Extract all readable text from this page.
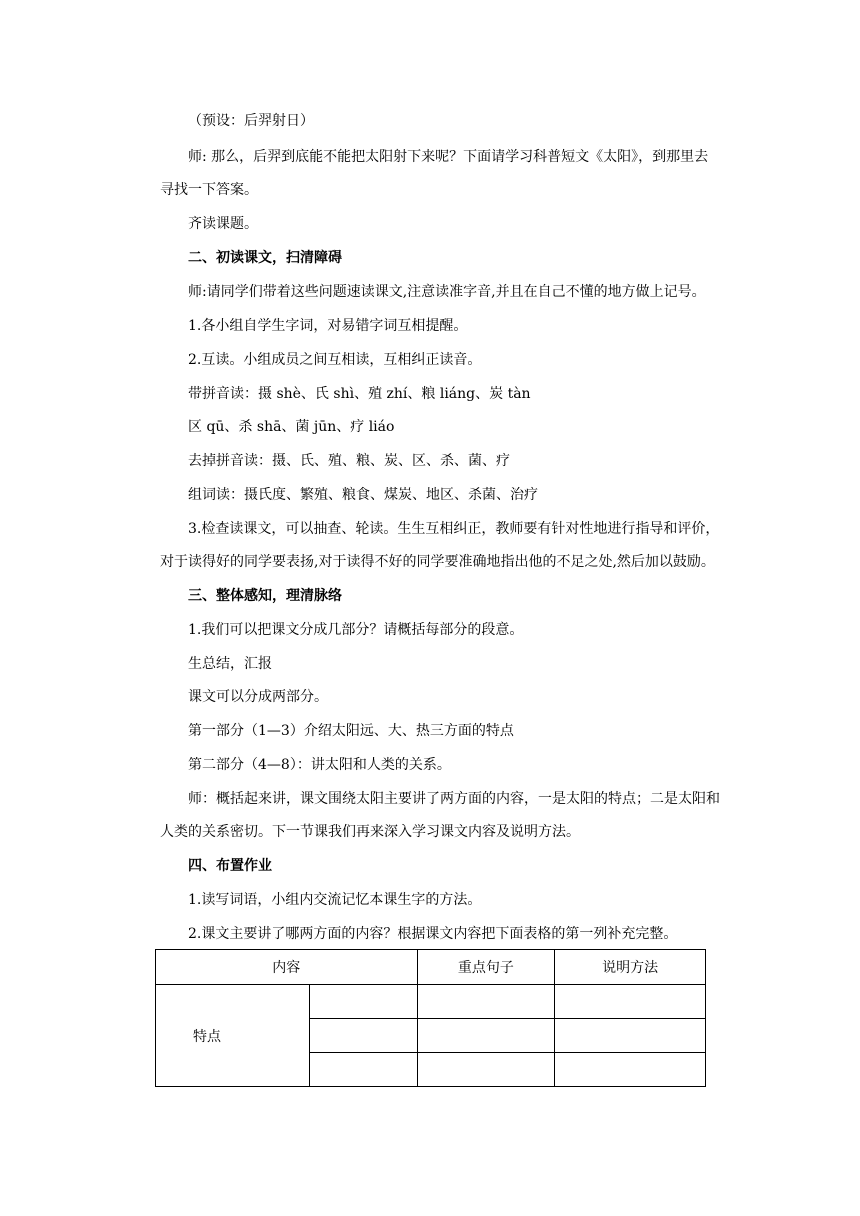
（预设：后羿射日）
师: 那么，后羿到底能不能把太阳射下来呢？下面请学习科普短文《太阳》，到那里去
寻找一下答案。
齐读课题。
二、初读课文，扫清障碍
师:请同学们带着这些问题速读课文,注意读准字音,并且在自己不懂的地方做上记号。
1.各小组自学生字词，对易错字词互相提醒。
2.互读。小组成员之间互相读，互相纠正读音。
带拼音读：摄 shè、氏 shì、殖 zhí、粮 liáng、炭 tàn
区 qū、杀 shā、菌 jūn、疗 liáo
去掉拼音读：摄、氏、殖、粮、炭、区、杀、菌、疗
组词读：摄氏度、繁殖、粮食、煤炭、地区、杀菌、治疗
3.检查读课文，可以抽查、轮读。生生互相纠正，教师要有针对性地进行指导和评价，
对于读得好的同学要表扬,对于读得不好的同学要准确地指出他的不足之处,然后加以鼓励。
三、整体感知，理清脉络
1.我们可以把课文分成几部分？请概括每部分的段意。
生总结，汇报
课文可以分成两部分。
第一部分（1—3）介绍太阳远、大、热三方面的特点
第二部分（4—8）：讲太阳和人类的关系。
师：概括起来讲，课文围绕太阳主要讲了两方面的内容，一是太阳的特点；二是太阳和
人类的关系密切。下一节课我们再来深入学习课文内容及说明方法。
四、布置作业
1.读写词语，小组内交流记忆本课生字的方法。
2.课文主要讲了哪两方面的内容？根据课文内容把下面表格的第一列补充完整。
内容		重点句子	说明方法
特点			
